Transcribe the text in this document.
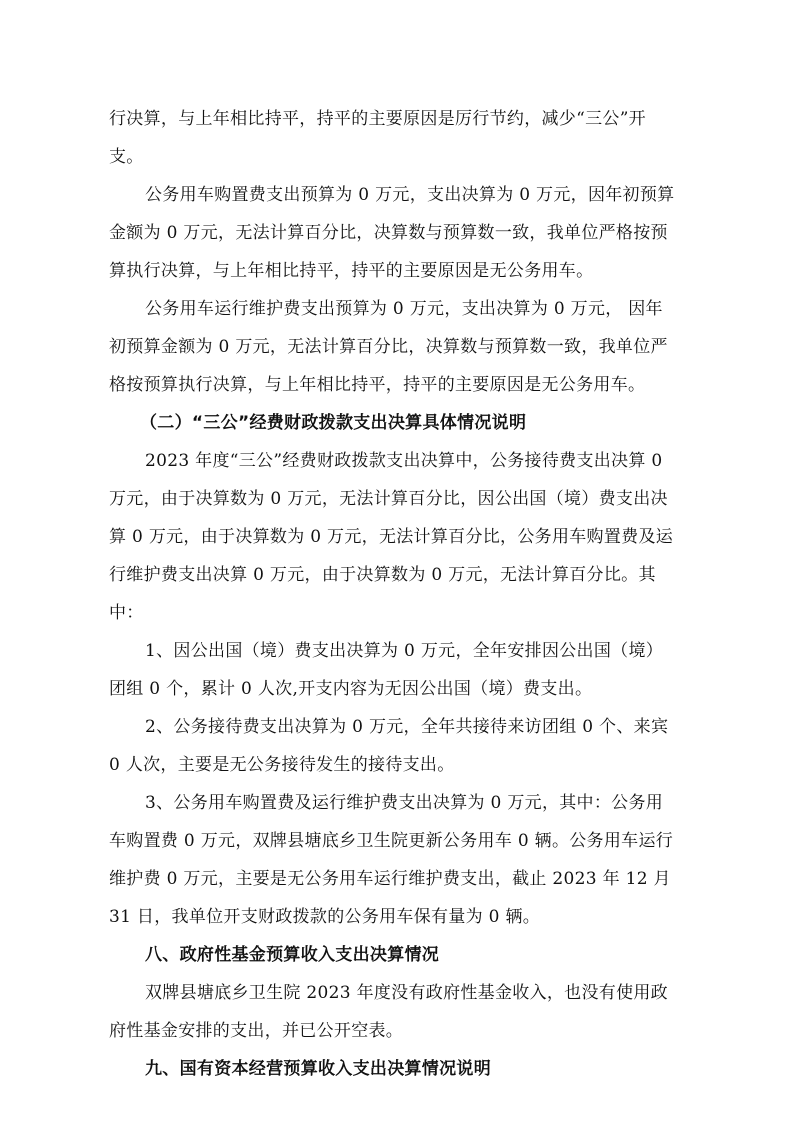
行决算，与上年相比持平，持平的主要原因是厉行节约，减少“三公”开
支。
公务用车购置费支出预算为 0 万元，支出决算为 0 万元，因年初预算
金额为 0 万元，无法计算百分比，决算数与预算数一致，我单位严格按预
算执行决算，与上年相比持平，持平的主要原因是无公务用车。
公务用车运行维护费支出预算为 0 万元，支出决算为 0 万元， 因年
初预算金额为 0 万元，无法计算百分比，决算数与预算数一致，我单位严
格按预算执行决算，与上年相比持平，持平的主要原因是无公务用车。
（二）“三公”经费财政拨款支出决算具体情况说明
2023 年度“三公”经费财政拨款支出决算中，公务接待费支出决算 0
万元，由于决算数为 0 万元，无法计算百分比，因公出国（境）费支出决
算 0 万元，由于决算数为 0 万元，无法计算百分比，公务用车购置费及运
行维护费支出决算 0 万元，由于决算数为 0 万元，无法计算百分比。其
中：
1、因公出国（境）费支出决算为 0 万元，全年安排因公出国（境）
团组 0 个，累计 0 人次,开支内容为无因公出国（境）费支出。
2、公务接待费支出决算为 0 万元，全年共接待来访团组 0 个、来宾
0 人次，主要是无公务接待发生的接待支出。
3、公务用车购置费及运行维护费支出决算为 0 万元，其中：公务用
车购置费 0 万元，双牌县塘底乡卫生院更新公务用车 0 辆。公务用车运行
维护费 0 万元，主要是无公务用车运行维护费支出，截止 2023 年 12 月
31 日，我单位开支财政拨款的公务用车保有量为 0 辆。
八、政府性基金预算收入支出决算情况
双牌县塘底乡卫生院 2023 年度没有政府性基金收入，也没有使用政
府性基金安排的支出，并已公开空表。
九、国有资本经营预算收入支出决算情况说明
